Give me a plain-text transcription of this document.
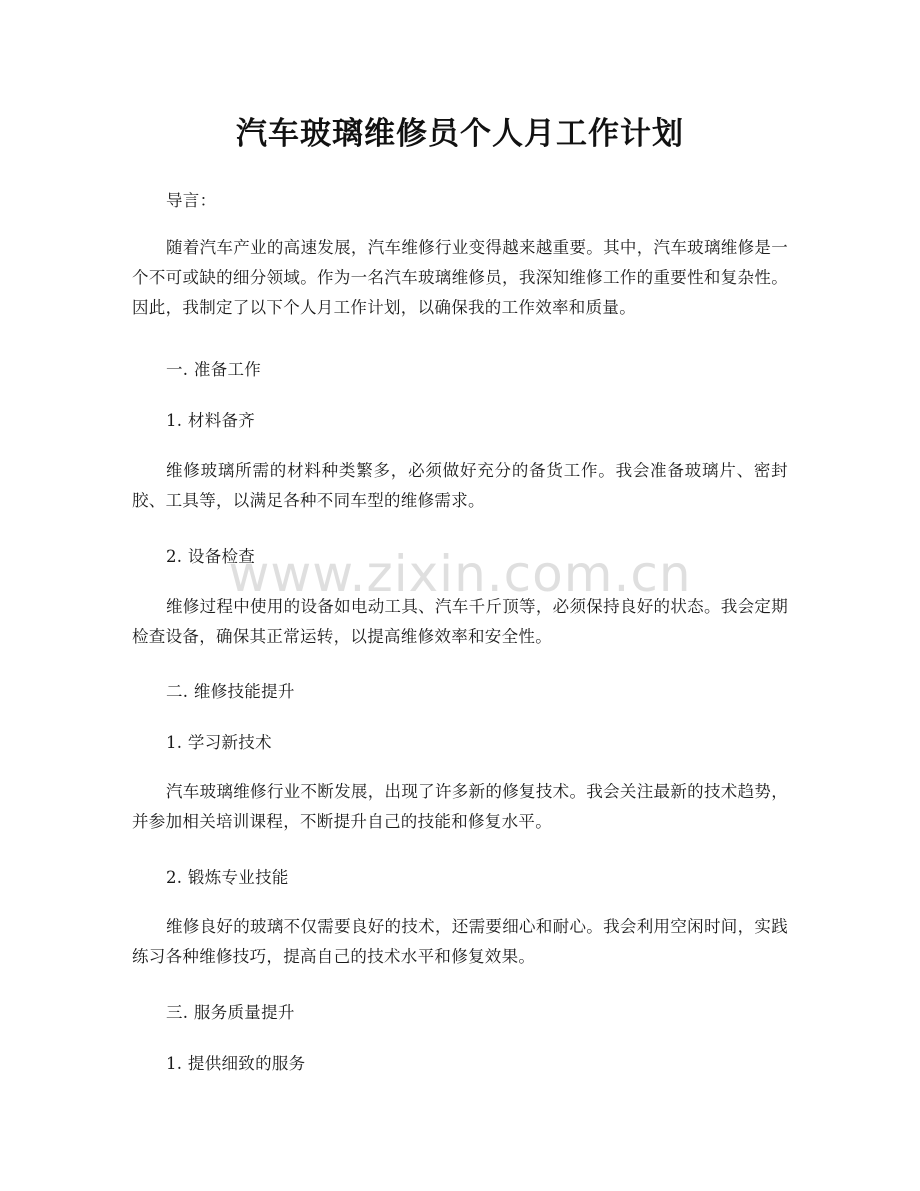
汽车玻璃维修员个人月工作计划

导言：

随着汽车产业的高速发展，汽车维修行业变得越来越重要。其中，汽车玻璃维修是一个不可或缺的细分领域。作为一名汽车玻璃维修员，我深知维修工作的重要性和复杂性。因此，我制定了以下个人月工作计划，以确保我的工作效率和质量。

一. 准备工作

1. 材料备齐

维修玻璃所需的材料种类繁多，必须做好充分的备货工作。我会准备玻璃片、密封胶、工具等，以满足各种不同车型的维修需求。

2. 设备检查

维修过程中使用的设备如电动工具、汽车千斤顶等，必须保持良好的状态。我会定期检查设备，确保其正常运转，以提高维修效率和安全性。

二. 维修技能提升

1. 学习新技术

汽车玻璃维修行业不断发展，出现了许多新的修复技术。我会关注最新的技术趋势，并参加相关培训课程，不断提升自己的技能和修复水平。

2. 锻炼专业技能

维修良好的玻璃不仅需要良好的技术，还需要细心和耐心。我会利用空闲时间，实践练习各种维修技巧，提高自己的技术水平和修复效果。

三. 服务质量提升

1. 提供细致的服务

www.zixin.com.cn
